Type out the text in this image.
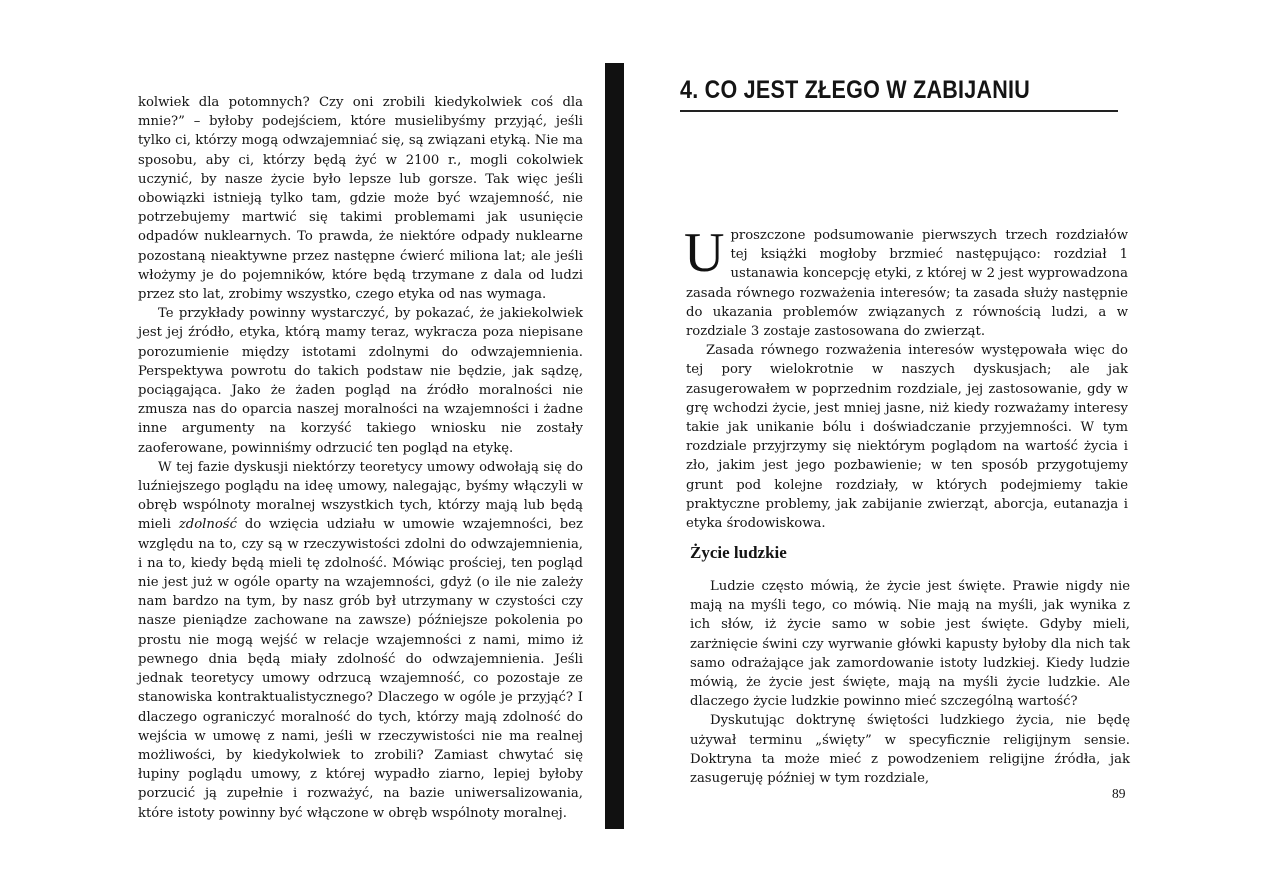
kolwiek dla potomnych? Czy oni zrobili kiedykolwiek coś dla mnie?” – byłoby podejściem, które musielibyśmy przyjąć, jeśli tylko ci, którzy mogą odwzajemniać się, są związani etyką. Nie ma sposobu, aby ci, którzy będą żyć w 2100 r., mogli cokolwiek uczynić, by nasze życie było lepsze lub gorsze. Tak więc jeśli obowiązki istnieją tylko tam, gdzie może być wzajemność, nie potrzebujemy martwić się takimi problemami jak usunięcie odpadów nuklearnych. To prawda, że niektóre odpady nuklearne pozostaną nieaktywne przez następne ćwierć miliona lat; ale jeśli włożymy je do pojemników, które będą trzymane z dala od ludzi przez sto lat, zrobimy wszystko, czego etyka od nas wymaga.

Te przykłady powinny wystarczyć, by pokazać, że jakiekolwiek jest jej źródło, etyka, którą mamy teraz, wykracza poza niepisane porozumienie między istotami zdolnymi do odwzajemnienia. Perspektywa powrotu do takich podstaw nie będzie, jak sądzę, pociągająca. Jako że żaden pogląd na źródło moralności nie zmusza nas do oparcia naszej moralności na wzajemności i żadne inne argumenty na korzyść takiego wniosku nie zostały zaoferowane, powinniśmy odrzucić ten pogląd na etykę.

W tej fazie dyskusji niektórzy teoretycy umowy odwołają się do luźniejszego poglądu na ideę umowy, nalegając, byśmy włączyli w obręb wspólnoty moralnej wszystkich tych, którzy mają lub będą mieli zdolność do wzięcia udziału w umowie wzajemności, bez względu na to, czy są w rzeczywistości zdolni do odwzajemnienia, i na to, kiedy będą mieli tę zdolność. Mówiąc prościej, ten pogląd nie jest już w ogóle oparty na wzajemności, gdyż (o ile nie zależy nam bardzo na tym, by nasz grób był utrzymany w czystości czy nasze pieniądze zachowane na zawsze) późniejsze pokolenia po prostu nie mogą wejść w relacje wzajemności z nami, mimo iż pewnego dnia będą miały zdolność do odwzajemnienia. Jeśli jednak teoretycy umowy odrzucą wzajemność, co pozostaje ze stanowiska kontraktualistycznego? Dlaczego w ogóle je przyjąć? I dlaczego ograniczyć moralność do tych, którzy mają zdolność do wejścia w umowę z nami, jeśli w rzeczywistości nie ma realnej możliwości, by kiedykolwiek to zrobili? Zamiast chwytać się łupiny poglądu umowy, z której wypadło ziarno, lepiej byłoby porzucić ją zupełnie i rozważyć, na bazie uniwersalizowania, które istoty powinny być włączone w obręb wspólnoty moralnej.

4. CO JEST ZŁEGO W ZABIJANIU

Uproszczone podsumowanie pierwszych trzech rozdziałów tej książki mogłoby brzmieć następująco: rozdział 1 ustanawia koncepcję etyki, z której w 2 jest wyprowadzona zasada równego rozważenia interesów; ta zasada służy następnie do ukazania problemów związanych z równością ludzi, a w rozdziale 3 zostaje zastosowana do zwierząt.

Zasada równego rozważenia interesów występowała więc do tej pory wielokrotnie w naszych dyskusjach; ale jak zasugerowałem w poprzednim rozdziale, jej zastosowanie, gdy w grę wchodzi życie, jest mniej jasne, niż kiedy rozważamy interesy takie jak unikanie bólu i doświadczanie przyjemności. W tym rozdziale przyjrzymy się niektórym poglądom na wartość życia i zło, jakim jest jego pozbawienie; w ten sposób przygotujemy grunt pod kolejne rozdziały, w których podejmiemy takie praktyczne problemy, jak zabijanie zwierząt, aborcja, eutanazja i etyka środowiskowa.

Życie ludzkie

Ludzie często mówią, że życie jest święte. Prawie nigdy nie mają na myśli tego, co mówią. Nie mają na myśli, jak wynika z ich słów, iż życie samo w sobie jest święte. Gdyby mieli, zarżnięcie świni czy wyrwanie główki kapusty byłoby dla nich tak samo odrażające jak zamordowanie istoty ludzkiej. Kiedy ludzie mówią, że życie jest święte, mają na myśli życie ludzkie. Ale dlaczego życie ludzkie powinno mieć szczególną wartość?

Dyskutując doktrynę świętości ludzkiego życia, nie będę używał terminu „święty” w specyficznie religijnym sensie. Doktryna ta może mieć z powodzeniem religijne źródła, jak zasugeruję później w tym rozdziale,

89
